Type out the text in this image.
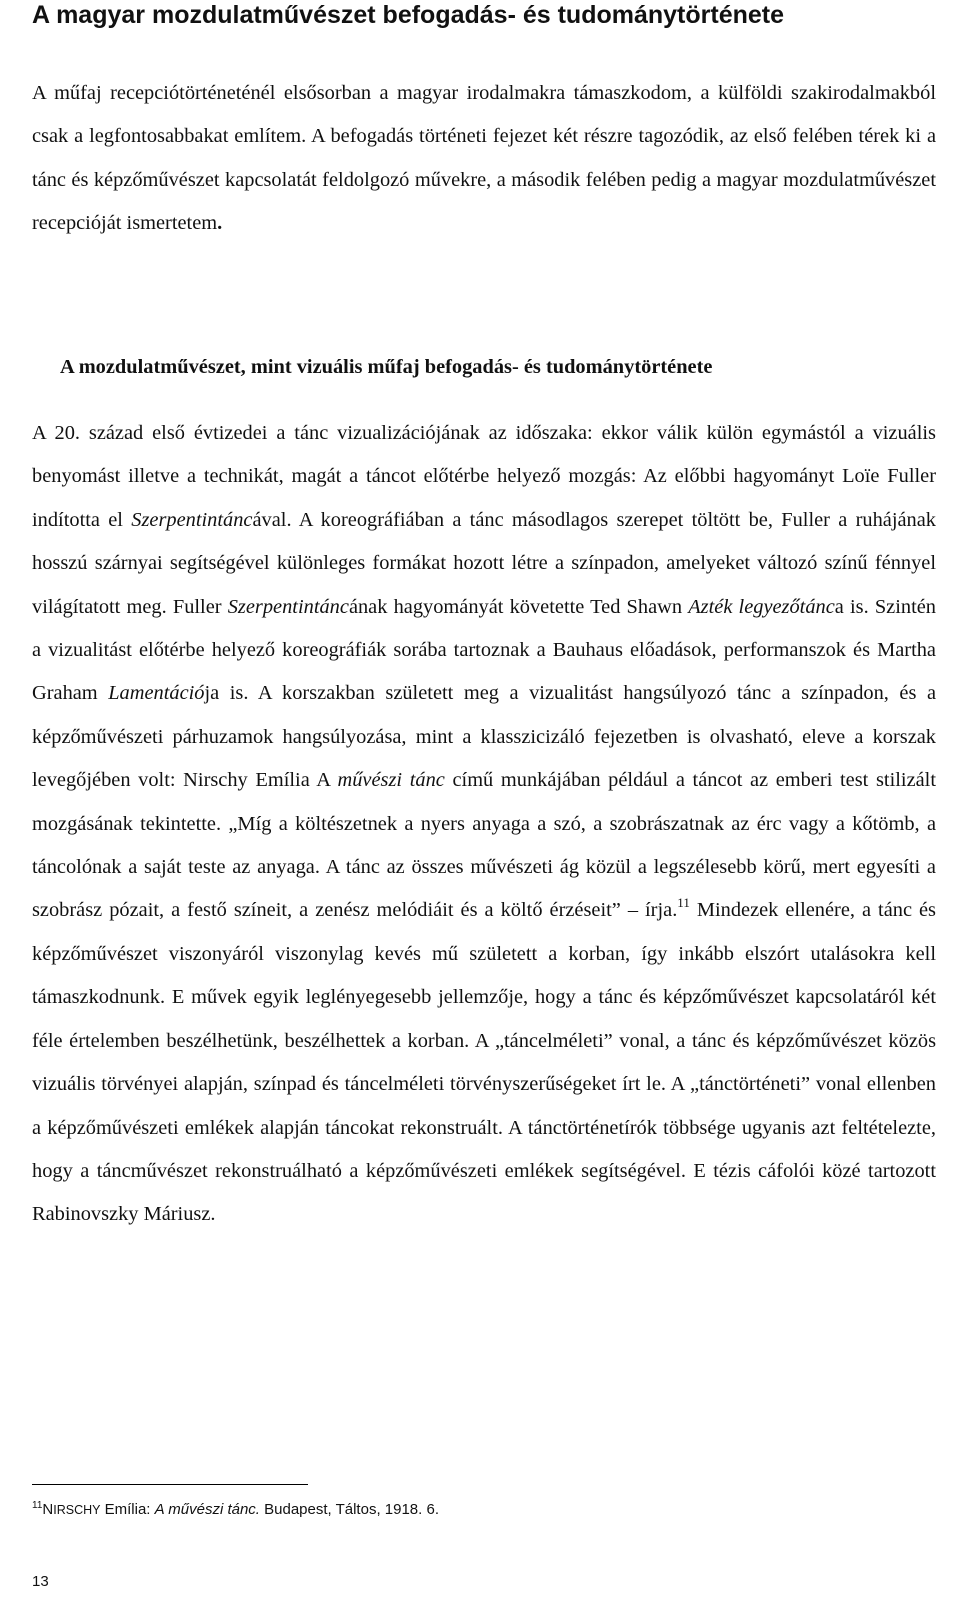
A magyar mozdulatművészet befogadás- és tudománytörténete

A műfaj recepciótörténeténél elsősorban a magyar irodalmakra támaszkodom, a külföldi szakirodalmakból csak a legfontosabbakat említem. A befogadás történeti fejezet két részre tagozódik, az első felében térek ki a tánc és képzőművészet kapcsolatát feldolgozó művekre, a második felében pedig a magyar mozdulatművészet recepcióját ismertetem.

A mozdulatművészet, mint vizuális műfaj befogadás- és tudománytörténete

A 20. század első évtizedei a tánc vizualizációjának az időszaka: ekkor válik külön egymástól a vizuális benyomást illetve a technikát, magát a táncot előtérbe helyező mozgás: Az előbbi hagyományt Loïe Fuller indította el Szerpentintáncával. A koreográfiában a tánc másodlagos szerepet töltött be, Fuller a ruhájának hosszú szárnyai segítségével különleges formákat hozott létre a színpadon, amelyeket változó színű fénnyel világítatott meg. Fuller Szerpentintáncának hagyományát követette Ted Shawn Azték legyezőtánca is. Szintén a vizualitást előtérbe helyező koreográfiák sorába tartoznak a Bauhaus előadások, performanszok és Martha Graham Lamentációja is. A korszakban született meg a vizualitást hangsúlyozó tánc a színpadon, és a képzőművészeti párhuzamok hangsúlyozása, mint a klasszicizáló fejezetben is olvasható, eleve a korszak levegőjében volt: Nirschy Emília A művészi tánc című munkájában például a táncot az emberi test stilizált mozgásának tekintette. „Míg a költészetnek a nyers anyaga a szó, a szobrászatnak az érc vagy a kőtömb, a táncolónak a saját teste az anyaga. A tánc az összes művészeti ág közül a legszélesebb körű, mert egyesíti a szobrász pózait, a festő színeit, a zenész melódiáit és a költő érzéseit” – írja.$^{11}$ Mindezek ellenére, a tánc és képzőművészet viszonyáról viszonylag kevés mű született a korban, így inkább elszórt utalásokra kell támaszkodnunk. E művek egyik leglényegesebb jellemzője, hogy a tánc és képzőművészet kapcsolatáról két féle értelemben beszélhetünk, beszélhettek a korban. A „táncelméleti” vonal, a tánc és képzőművészet közös vizuális törvényei alapján, színpad és táncelméleti törvényszerűségeket írt le. A „tánctörténeti” vonal ellenben a képzőművészeti emlékek alapján táncokat rekonstruált. A tánctörténetírók többsége ugyanis azt feltételezte, hogy a táncművészet rekonstruálható a képzőművészeti emlékek segítségével. E tézis cáfolói közé tartozott Rabinovszky Máriusz.

$^{11}$NIRSCHY Emília: A művészi tánc. Budapest, Táltos, 1918. 6.

13
